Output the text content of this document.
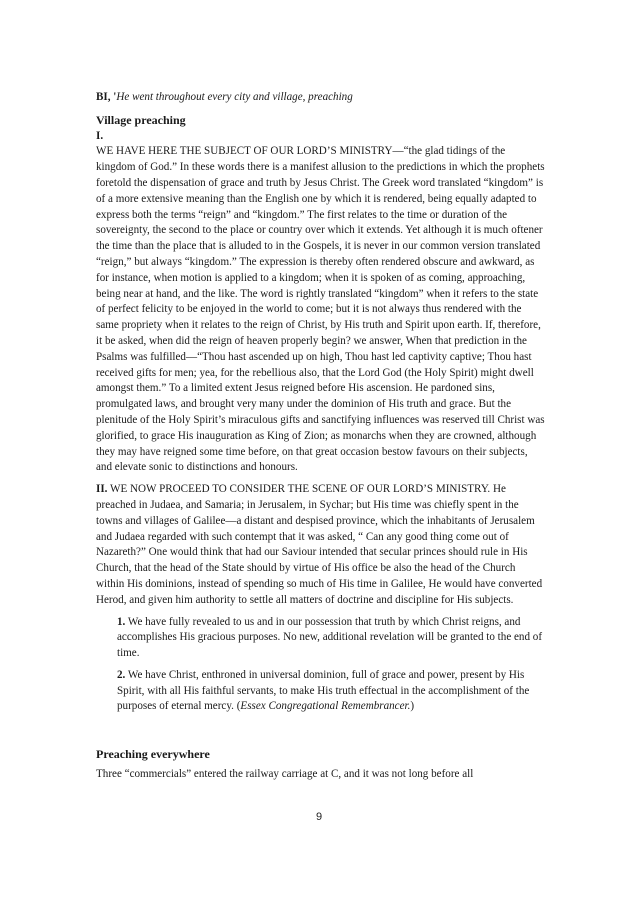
BI, 'He went throughout every city and village, preaching

Village preaching

I.

WE HAVE HERE THE SUBJECT OF OUR LORD’S MINISTRY—“the glad tidings of the kingdom of God.” In these words there is a manifest allusion to the predictions in which the prophets foretold the dispensation of grace and truth by Jesus Christ. The Greek word translated “kingdom” is of a more extensive meaning than the English one by which it is rendered, being equally adapted to express both the terms “reign” and “kingdom.” The first relates to the time or duration of the sovereignty, the second to the place or country over which it extends. Yet although it is much oftener the time than the place that is alluded to in the Gospels, it is never in our common version translated “reign,” but always “kingdom.” The expression is thereby often rendered obscure and awkward, as for instance, when motion is applied to a kingdom; when it is spoken of as coming, approaching, being near at hand, and the like. The word is rightly translated “kingdom” when it refers to the state of perfect felicity to be enjoyed in the world to come; but it is not always thus rendered with the same propriety when it relates to the reign of Christ, by His truth and Spirit upon earth. If, therefore, it be asked, when did the reign of heaven properly begin? we answer, When that prediction in the Psalms was fulfilled—“Thou hast ascended up on high, Thou hast led captivity captive; Thou hast received gifts for men; yea, for the rebellious also, that the Lord God (the Holy Spirit) might dwell amongst them.” To a limited extent Jesus reigned before His ascension. He pardoned sins, promulgated laws, and brought very many under the dominion of His truth and grace. But the plenitude of the Holy Spirit’s miraculous gifts and sanctifying influences was reserved till Christ was glorified, to grace His inauguration as King of Zion; as monarchs when they are crowned, although they may have reigned some time before, on that great occasion bestow favours on their subjects, and elevate sonic to distinctions and honours.

II. WE NOW PROCEED TO CONSIDER THE SCENE OF OUR LORD’S MINISTRY. He preached in Judaea, and Samaria; in Jerusalem, in Sychar; but His time was chiefly spent in the towns and villages of Galilee—a distant and despised province, which the inhabitants of Jerusalem and Judaea regarded with such contempt that it was asked, “ Can any good thing come out of Nazareth?” One would think that had our Saviour intended that secular princes should rule in His Church, that the head of the State should by virtue of His office be also the head of the Church within His dominions, instead of spending so much of His time in Galilee, He would have converted Herod, and given him authority to settle all matters of doctrine and discipline for His subjects.

1. We have fully revealed to us and in our possession that truth by which Christ reigns, and accomplishes His gracious purposes. No new, additional revelation will be granted to the end of time.

2. We have Christ, enthroned in universal dominion, full of grace and power, present by His Spirit, with all His faithful servants, to make His truth effectual in the accomplishment of the purposes of eternal mercy. (Essex Congregational Remembrancer.)

Preaching everywhere

Three “commercials” entered the railway carriage at C, and it was not long before all

9
